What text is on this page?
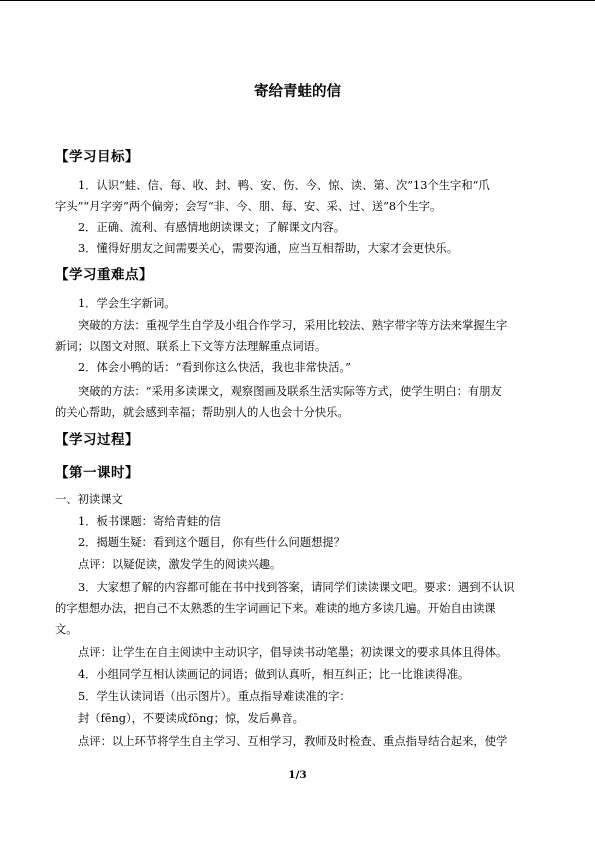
寄给青蛙的信
【学习目标】
1．认识“蛙、信、每、收、封、鸭、安、伤、今、惊、读、第、次”13个生字和“爪
字头”“月字旁”两个偏旁；会写“非、今、朋、每、安、采、过、送”8个生字。
2．正确、流利、有感情地朗读课文；了解课文内容。
3．懂得好朋友之间需要关心，需要沟通，应当互相帮助，大家才会更快乐。
【学习重难点】
1．学会生字新词。
突破的方法：重视学生自学及小组合作学习，采用比较法、熟字带字等方法来掌握生字
新词；以图文对照、联系上下文等方法理解重点词语。
2．体会小鸭的话：“看到你这么快活，我也非常快活。”
突破的方法：“采用多读课文，观察图画及联系生活实际等方式，使学生明白：有朋友
的关心帮助，就会感到幸福；帮助别人的人也会十分快乐。
【学习过程】
【第一课时】
一、初读课文
1．板书课题：寄给青蛙的信
2．揭题生疑：看到这个题目，你有些什么问题想提？
点评：以疑促读，激发学生的阅读兴趣。
3．大家想了解的内容都可能在书中找到答案，请同学们读读课文吧。要求：遇到不认识
的字想想办法，把自己不太熟悉的生字词画记下来。难读的地方多读几遍。开始自由读课
文。
点评：让学生在自主阅读中主动识字，倡导读书动笔墨；初读课文的要求具体且得体。
4．小组同学互相认读画记的词语；做到认真听，相互纠正；比一比谁读得准。
5．学生认读词语（出示图片）。重点指导难读准的字：
封（fēng），不要读成fōng；惊，发后鼻音。
点评：以上环节将学生自主学习、互相学习，教师及时检查、重点指导结合起来，使学
1/3
